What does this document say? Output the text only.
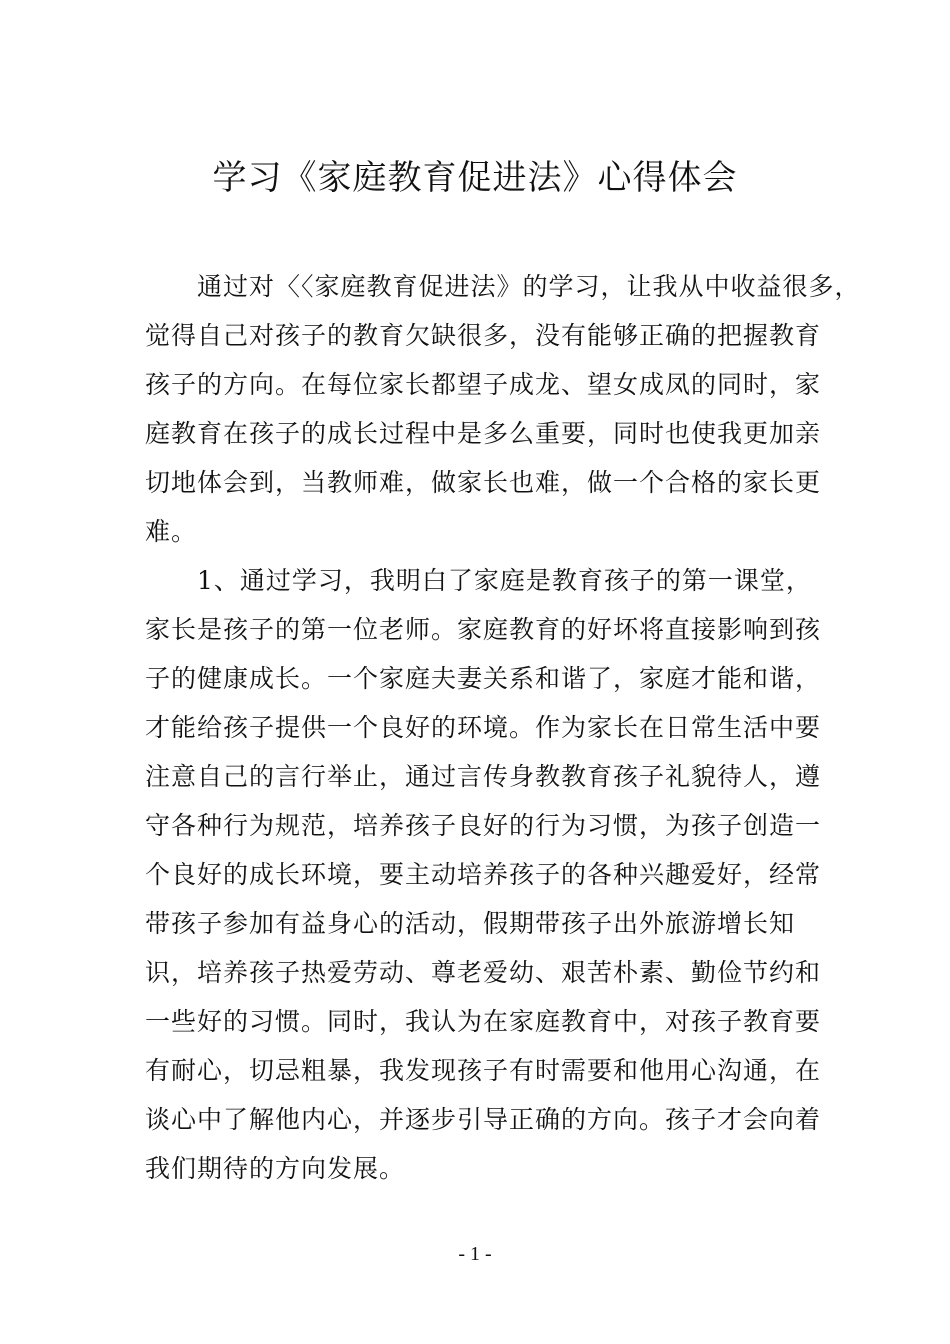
学习《家庭教育促进法》心得体会

通过对〈〈家庭教育促进法》的学习，让我从中收益很多，
觉得自己对孩子的教育欠缺很多，没有能够正确的把握教育
孩子的方向。在每位家长都望子成龙、望女成凤的同时，家
庭教育在孩子的成长过程中是多么重要，同时也使我更加亲
切地体会到，当教师难，做家长也难，做一个合格的家长更
难。

1、通过学习，我明白了家庭是教育孩子的第一课堂，
家长是孩子的第一位老师。家庭教育的好坏将直接影响到孩
子的健康成长。一个家庭夫妻关系和谐了，家庭才能和谐，
才能给孩子提供一个良好的环境。作为家长在日常生活中要
注意自己的言行举止，通过言传身教教育孩子礼貌待人，遵
守各种行为规范，培养孩子良好的行为习惯，为孩子创造一
个良好的成长环境，要主动培养孩子的各种兴趣爱好，经常
带孩子参加有益身心的活动，假期带孩子出外旅游增长知
识，培养孩子热爱劳动、尊老爱幼、艰苦朴素、勤俭节约和
一些好的习惯。同时，我认为在家庭教育中，对孩子教育要
有耐心，切忌粗暴，我发现孩子有时需要和他用心沟通，在
谈心中了解他内心，并逐步引导正确的方向。孩子才会向着
我们期待的方向发展。

- 1 -
